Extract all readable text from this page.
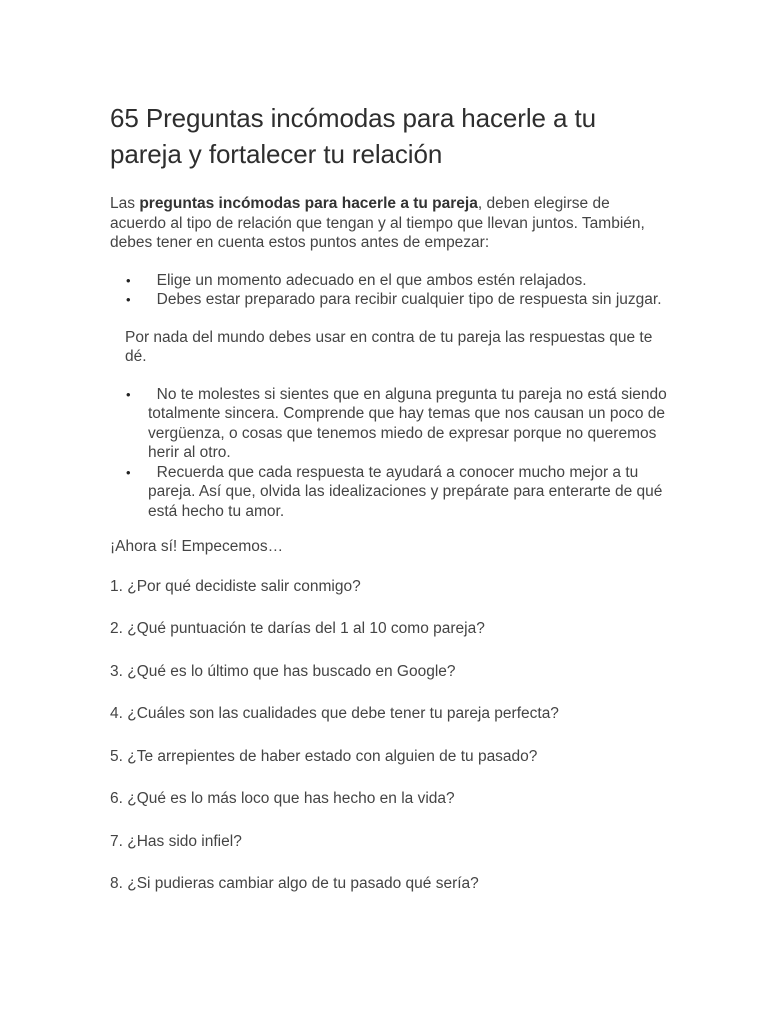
65 Preguntas incómodas para hacerle a tu pareja y fortalecer tu relación

Las preguntas incómodas para hacerle a tu pareja, deben elegirse de acuerdo al tipo de relación que tengan y al tiempo que llevan juntos. También, debes tener en cuenta estos puntos antes de empezar:

• Elige un momento adecuado en el que ambos estén relajados.
• Debes estar preparado para recibir cualquier tipo de respuesta sin juzgar.

Por nada del mundo debes usar en contra de tu pareja las respuestas que te dé.

• No te molestes si sientes que en alguna pregunta tu pareja no está siendo totalmente sincera. Comprende que hay temas que nos causan un poco de vergüenza, o cosas que tenemos miedo de expresar porque no queremos herir al otro.
• Recuerda que cada respuesta te ayudará a conocer mucho mejor a tu pareja. Así que, olvida las idealizaciones y prepárate para enterarte de qué está hecho tu amor.

¡Ahora sí! Empecemos…

1. ¿Por qué decidiste salir conmigo?
2. ¿Qué puntuación te darías del 1 al 10 como pareja?
3. ¿Qué es lo último que has buscado en Google?
4. ¿Cuáles son las cualidades que debe tener tu pareja perfecta?
5. ¿Te arrepientes de haber estado con alguien de tu pasado?
6. ¿Qué es lo más loco que has hecho en la vida?
7. ¿Has sido infiel?
8. ¿Si pudieras cambiar algo de tu pasado qué sería?
